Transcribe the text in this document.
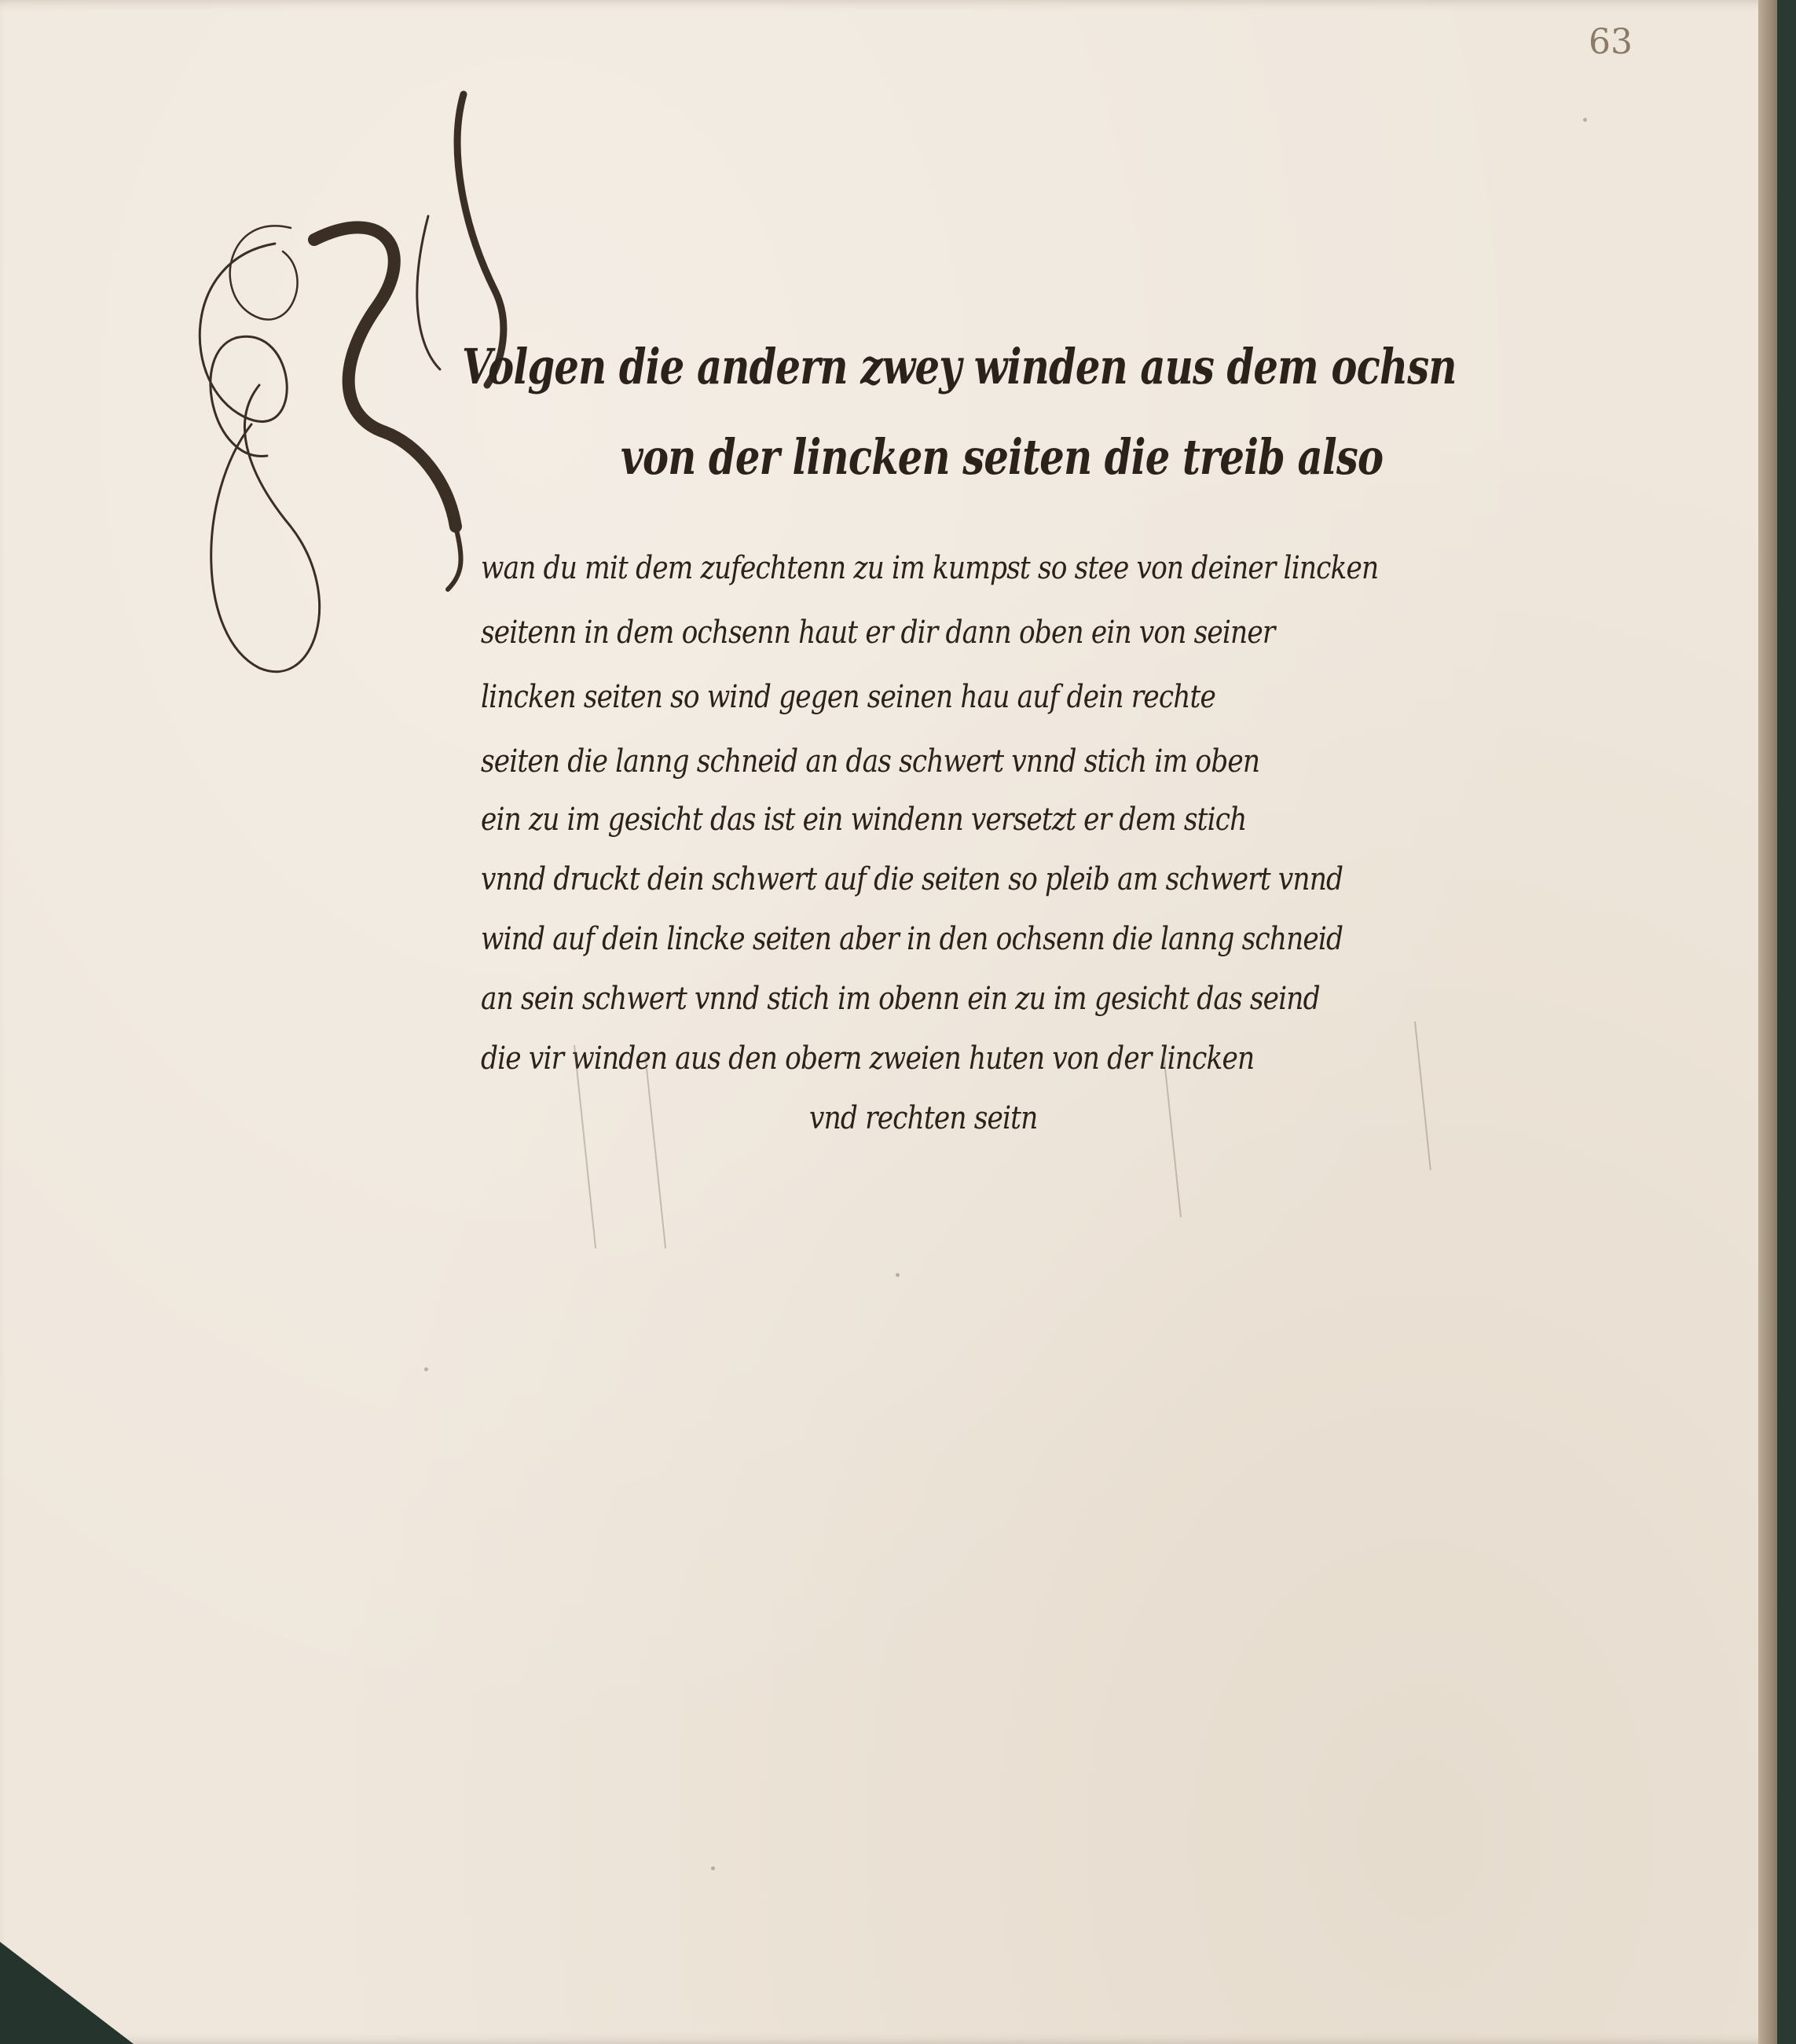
63

Volgen die andern zwey winden aus dem ochsn

von der lincken seiten die treib also

wan du mit dem zufechtenn zu im kumpst so stee von deiner lincken

seitenn in dem ochsenn haut er dir dann oben ein von seiner

lincken seiten so wind gegen seinen hau auf dein rechte

seiten die lanng schneid an das schwert vnnd stich im oben

ein zu im gesicht das ist ein windenn versetzt er dem stich

vnnd druckt dein schwert auf die seiten so pleib am schwert vnnd

wind auf dein lincke seiten aber in den ochsenn die lanng schneid

an sein schwert vnnd stich im obenn ein zu im gesicht das seind

die vir winden aus den obern zweien huten von der lincken

vnd rechten seitn
